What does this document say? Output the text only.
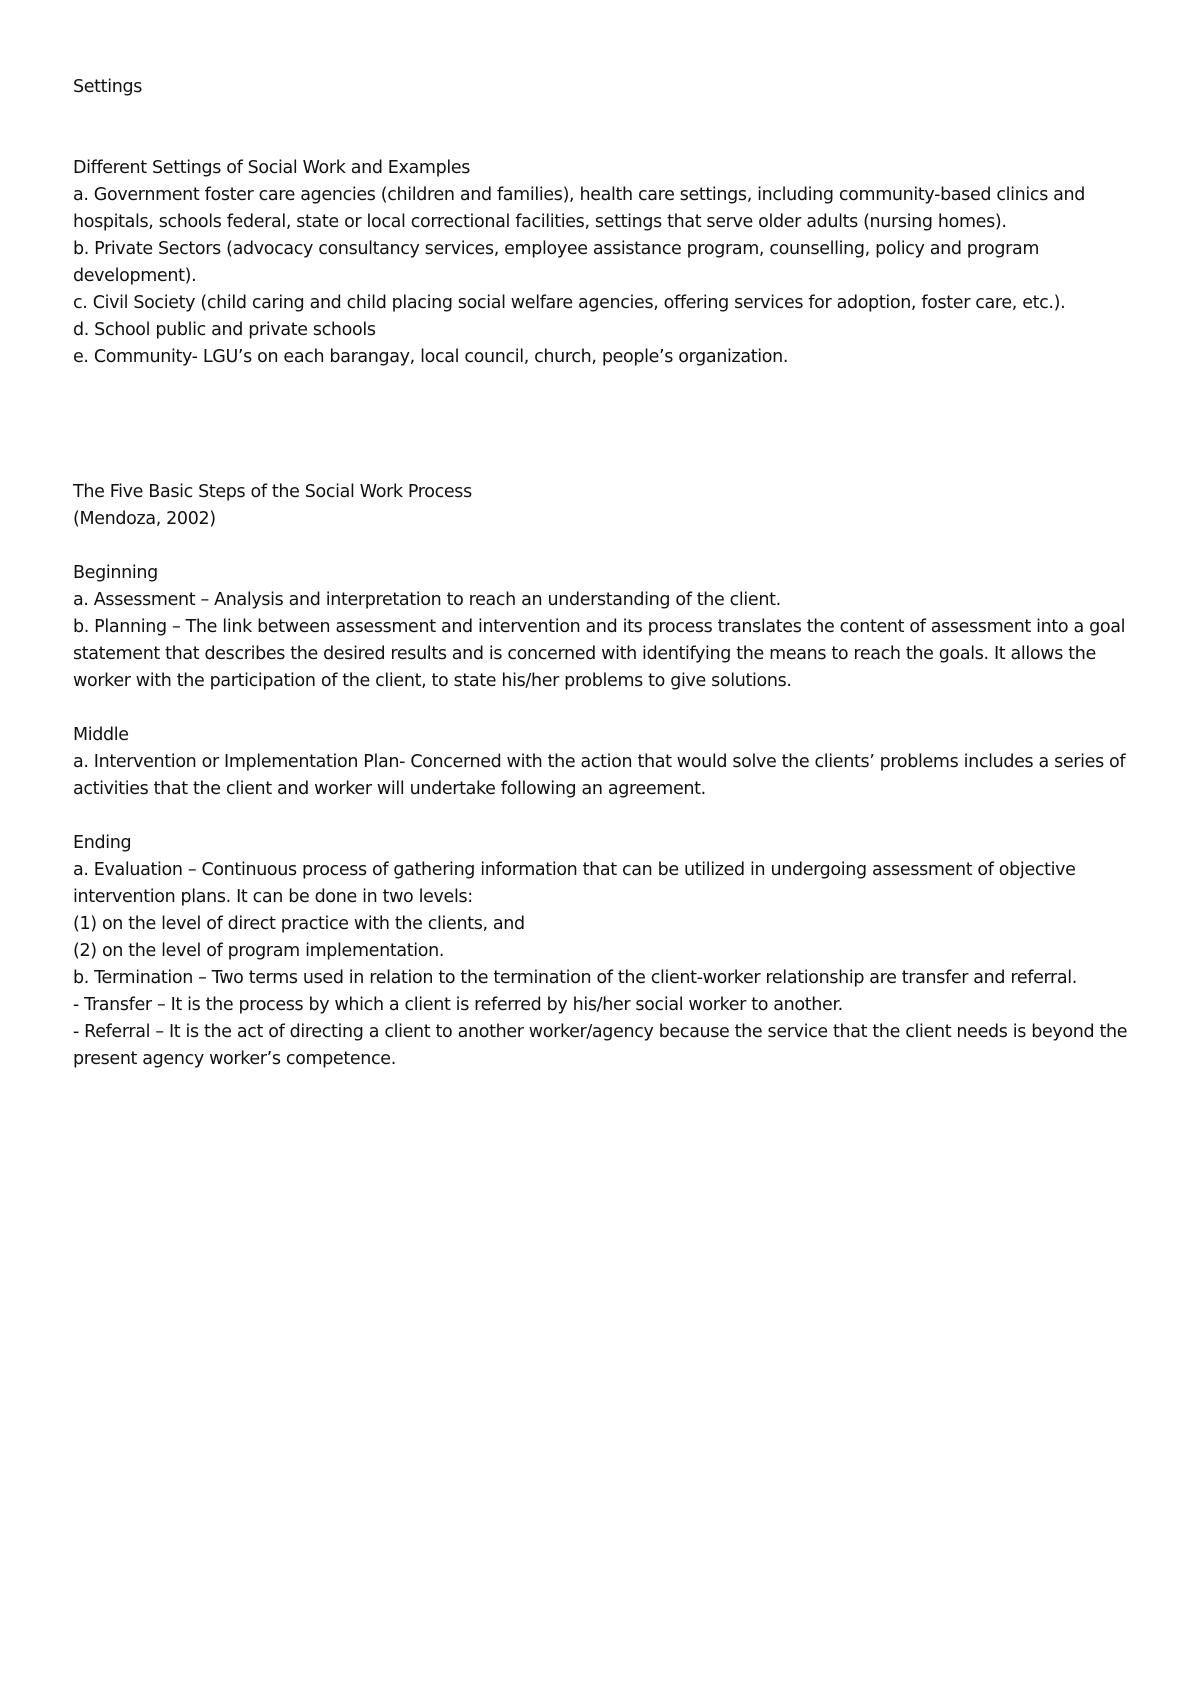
Settings

Different Settings of Social Work and Examples

a. Government foster care agencies (children and families), health care settings, including community-based clinics and hospitals, schools federal, state or local correctional facilities, settings that serve older adults (nursing homes).

b. Private Sectors (advocacy consultancy services, employee assistance program, counselling, policy and program development).

c. Civil Society (child caring and child placing social welfare agencies, offering services for adoption, foster care, etc.).

d. School public and private schools

e. Community- LGU’s on each barangay, local council, church, people’s organization.

The Five Basic Steps of the Social Work Process

(Mendoza, 2002)

Beginning

a. Assessment – Analysis and interpretation to reach an understanding of the client.

b. Planning – The link between assessment and intervention and its process translates the content of assessment into a goal statement that describes the desired results and is concerned with identifying the means to reach the goals. It allows the worker with the participation of the client, to state his/her problems to give solutions.

Middle

a. Intervention or Implementation Plan- Concerned with the action that would solve the clients’ problems includes a series of activities that the client and worker will undertake following an agreement.

Ending

a. Evaluation – Continuous process of gathering information that can be utilized in undergoing assessment of objective intervention plans. It can be done in two levels:

(1) on the level of direct practice with the clients, and

(2) on the level of program implementation.

b. Termination – Two terms used in relation to the termination of the client-worker relationship are transfer and referral.

- Transfer – It is the process by which a client is referred by his/her social worker to another.

- Referral – It is the act of directing a client to another worker/agency because the service that the client needs is beyond the present agency worker’s competence.
